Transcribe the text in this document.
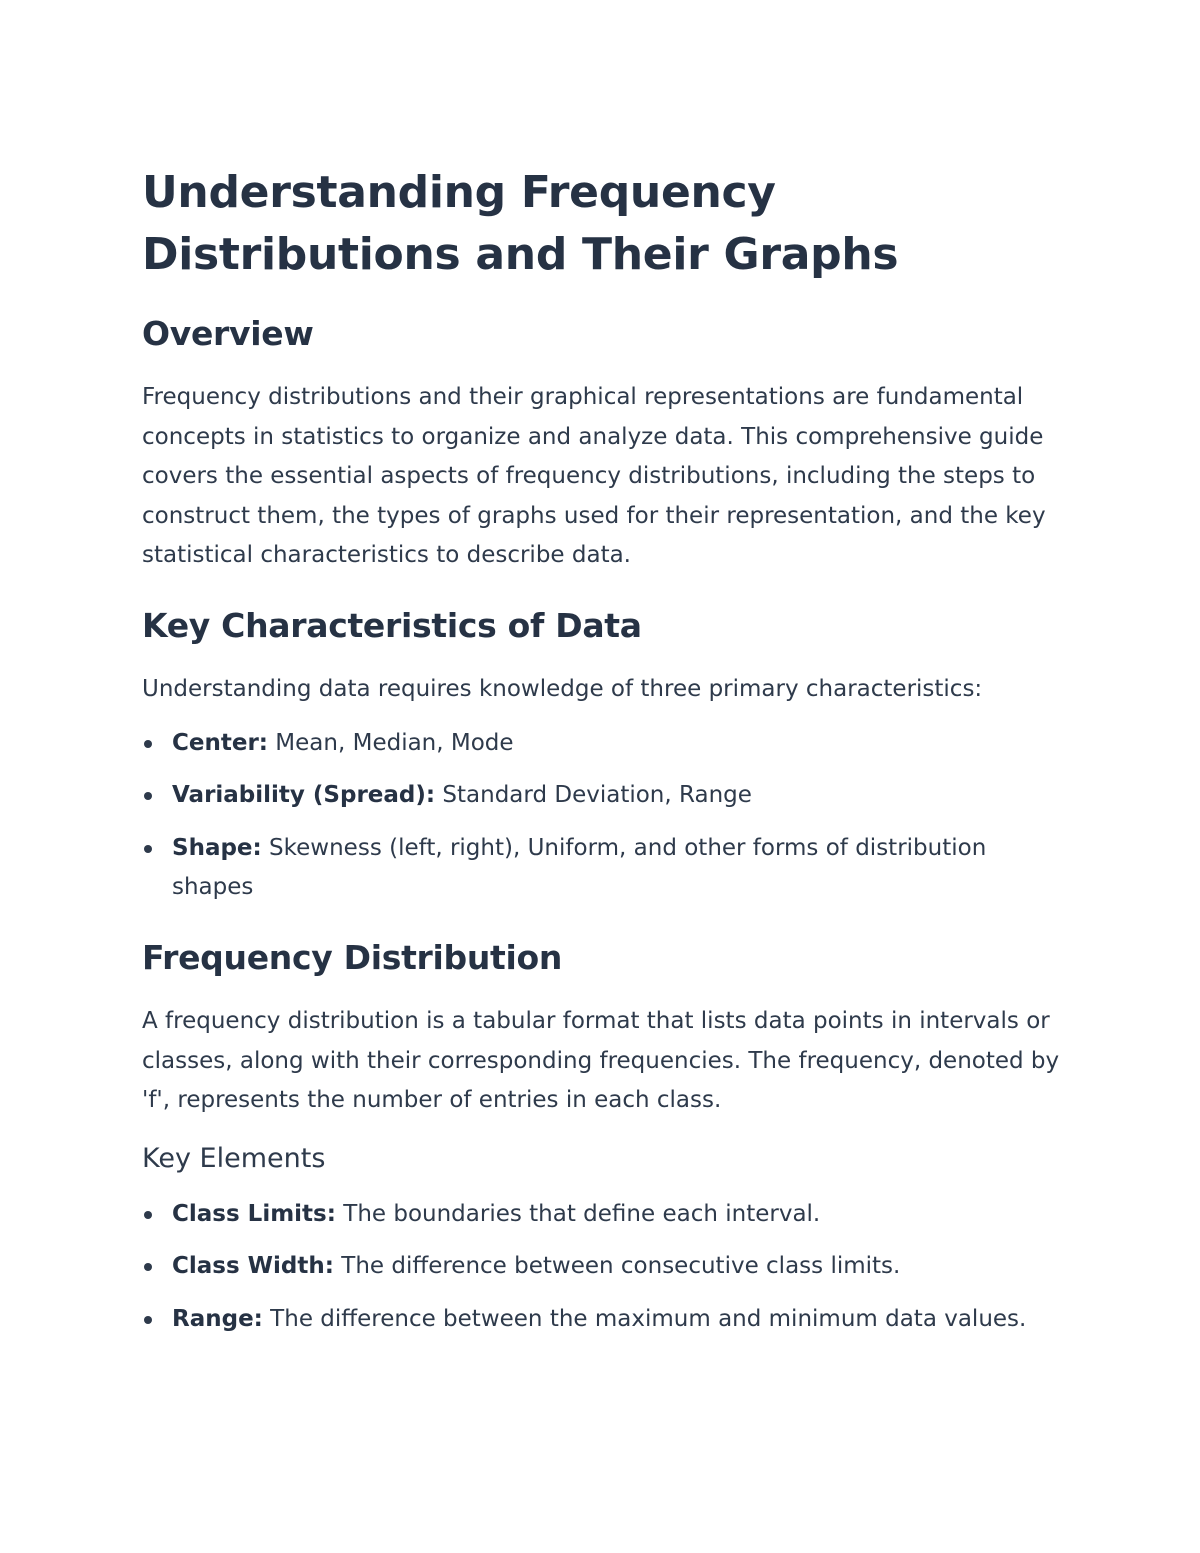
Understanding Frequency Distributions and Their Graphs
Overview

Frequency distributions and their graphical representations are fundamental concepts in statistics to organize and analyze data. This comprehensive guide covers the essential aspects of frequency distributions, including the steps to construct them, the types of graphs used for their representation, and the key statistical characteristics to describe data.

Key Characteristics of Data

Understanding data requires knowledge of three primary characteristics:

Center: Mean, Median, Mode
Variability (Spread): Standard Deviation, Range
Shape: Skewness (left, right), Uniform, and other forms of distribution shapes
Frequency Distribution

A frequency distribution is a tabular format that lists data points in intervals or classes, along with their corresponding frequencies. The frequency, denoted by 'f', represents the number of entries in each class.

Key Elements
Class Limits: The boundaries that define each interval.
Class Width: The difference between consecutive class limits.
Range: The difference between the maximum and minimum data values.
